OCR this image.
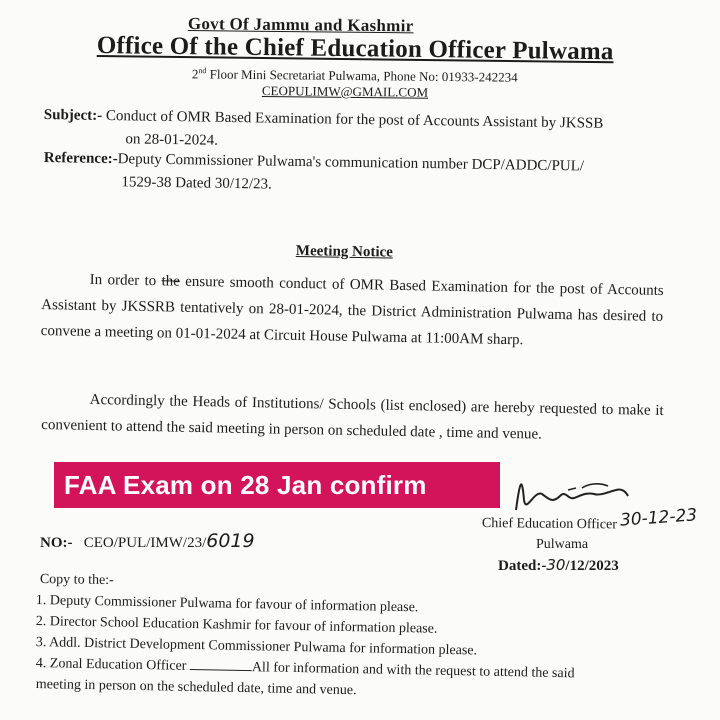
Govt Of Jammu and Kashmir
Office Of the Chief Education Officer Pulwama
2nd Floor Mini Secretariat Pulwama, Phone No: 01933-242234
CEOPULIMW@GMAIL.COM
Subject:- Conduct of OMR Based Examination for the post of Accounts Assistant by JKSSB
on 28-01-2024.
Reference:-Deputy Commissioner Pulwama's communication number DCP/ADDC/PUL/
1529-38 Dated 30/12/23.
Meeting Notice
In order to the ensure smooth conduct of OMR Based Examination for the post of Accounts Assistant by JKSSRB tentatively on 28-01-2024, the District Administration Pulwama has desired to convene a meeting on 01-01-2024 at Circuit House Pulwama at 11:00AM sharp.
Accordingly the Heads of Institutions/ Schools (list enclosed) are hereby requested to make it convenient to attend the said meeting in person on scheduled date , time and venue.
FAA Exam on 28 Jan confirm
30-12-23
Chief Education Officer
Pulwama
Dated:-30/12/2023
NO:- CEO/PUL/IMW/23/6019
Copy to the:-
1. Deputy Commissioner Pulwama for favour of information please.
2. Director School Education Kashmir for favour of information please.
3. Addl. District Development Commissioner Pulwama for information please.
4. Zonal Education Officer	All for information and with the request to attend the said
meeting in person on the scheduled date, time and venue.
